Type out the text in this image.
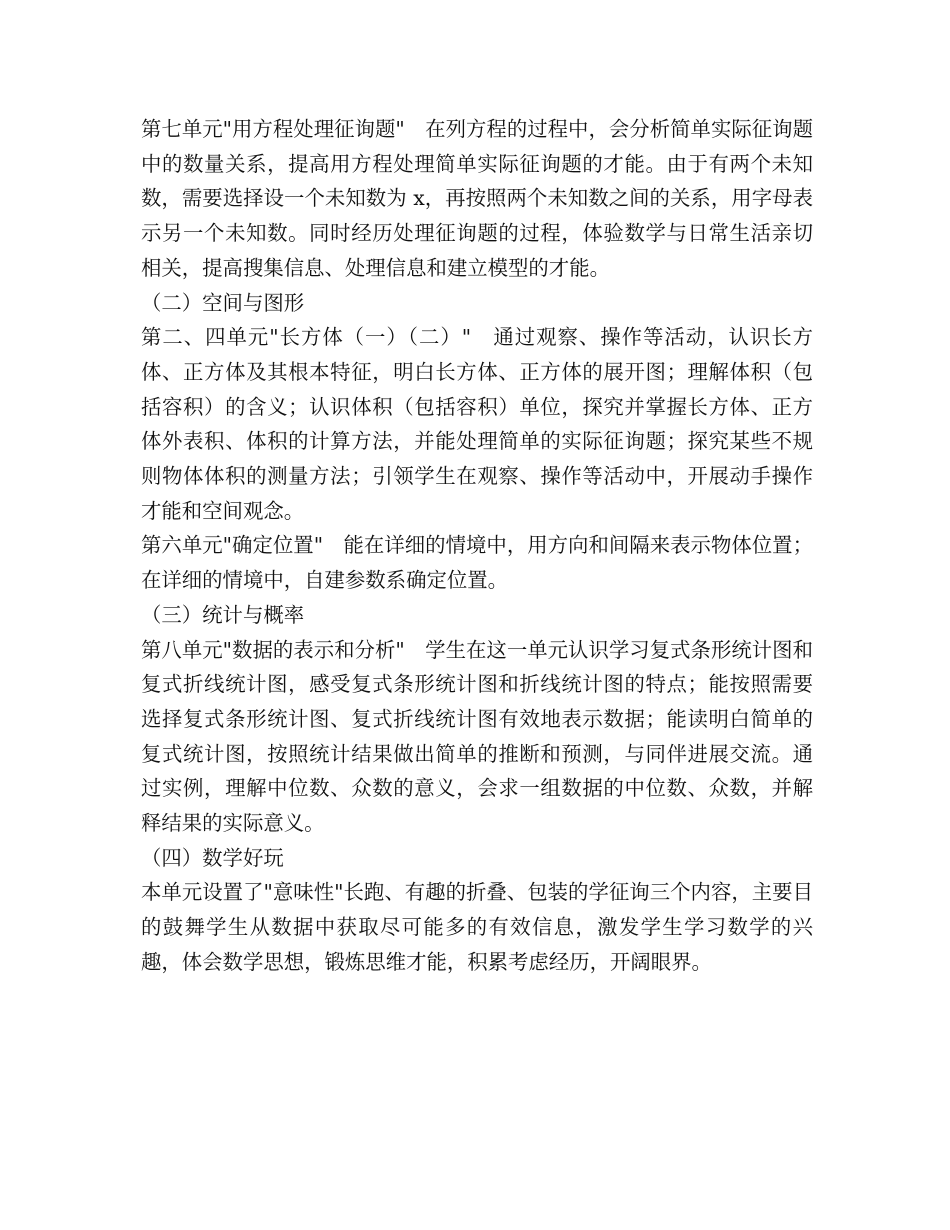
第七单元"用方程处理征询题"　在列方程的过程中，会分析简单实际征询题中的数量关系，提高用方程处理简单实际征询题的才能。由于有两个未知数，需要选择设一个未知数为 x，再按照两个未知数之间的关系，用字母表示另一个未知数。同时经历处理征询题的过程，体验数学与日常生活亲切相关，提高搜集信息、处理信息和建立模型的才能。

（二）空间与图形

第二、四单元"长方体（一）（二）"　通过观察、操作等活动，认识长方体、正方体及其根本特征，明白长方体、正方体的展开图；理解体积（包括容积）的含义；认识体积（包括容积）单位，探究并掌握长方体、正方体外表积、体积的计算方法，并能处理简单的实际征询题；探究某些不规则物体体积的测量方法；引领学生在观察、操作等活动中，开展动手操作才能和空间观念。

第六单元"确定位置"　能在详细的情境中，用方向和间隔来表示物体位置；在详细的情境中，自建参数系确定位置。

（三）统计与概率

第八单元"数据的表示和分析"　学生在这一单元认识学习复式条形统计图和复式折线统计图，感受复式条形统计图和折线统计图的特点；能按照需要选择复式条形统计图、复式折线统计图有效地表示数据；能读明白简单的复式统计图，按照统计结果做出简单的推断和预测，与同伴进展交流。通过实例，理解中位数、众数的意义，会求一组数据的中位数、众数，并解释结果的实际意义。

（四）数学好玩

本单元设置了"意味性"长跑、有趣的折叠、包装的学征询三个内容，主要目的鼓舞学生从数据中获取尽可能多的有效信息，激发学生学习数学的兴趣，体会数学思想，锻炼思维才能，积累考虑经历，开阔眼界。
